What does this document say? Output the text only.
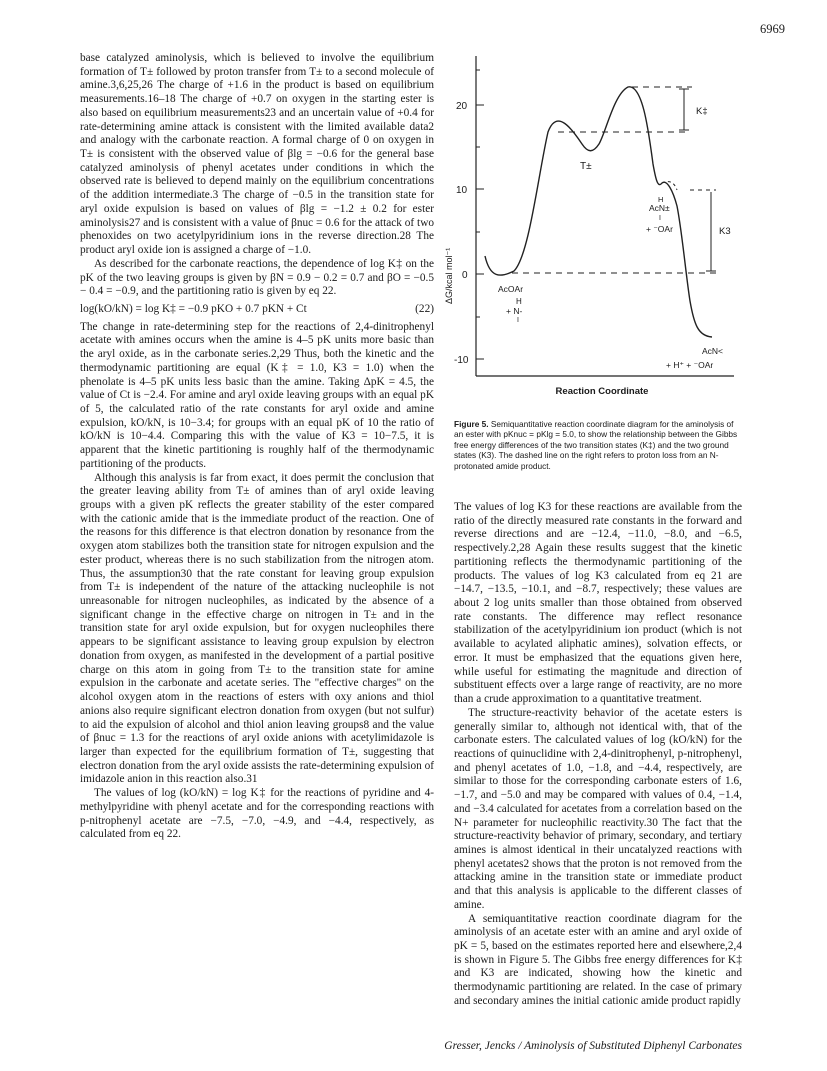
6969

base catalyzed aminolysis, which is believed to involve the equilibrium formation of T± followed by proton transfer from T± to a second molecule of amine.3,6,25,26 The charge of +1.6 in the product is based on equilibrium measurements.16–18 The charge of +0.7 on oxygen in the starting ester is also based on equilibrium measurements23 and an uncertain value of +0.4 for rate-determining amine attack is consistent with the limited available data2 and analogy with the carbonate reaction. A formal charge of 0 on oxygen in T± is consistent with the observed value of βlg = −0.6 for the general base catalyzed aminolysis of phenyl acetates under conditions in which the observed rate is believed to depend mainly on the equilibrium concentrations of the addition intermediate.3 The charge of −0.5 in the transition state for aryl oxide expulsion is based on values of βlg = −1.2 ± 0.2 for ester aminolysis27 and is consistent with a value of βnuc = 0.6 for the attack of two phenoxides on two acetylpyridinium ions in the reverse direction.28 The product aryl oxide ion is assigned a charge of −1.0.

As described for the carbonate reactions, the dependence of log K‡ on the pK of the two leaving groups is given by βN = 0.9 − 0.2 = 0.7 and βO = −0.5 − 0.4 = −0.9, and the partitioning ratio is given by eq 22.

log(kO/kN) = log K‡ = −0.9 pKO + 0.7 pKN + Ct	(22)

The change in rate-determining step for the reactions of 2,4-dinitrophenyl acetate with amines occurs when the amine is 4–5 pK units more basic than the aryl oxide, as in the carbonate series.2,29 Thus, both the kinetic and the thermodynamic partitioning are equal (K‡ = 1.0, K3 = 1.0) when the phenolate is 4–5 pK units less basic than the amine. Taking ΔpK = 4.5, the value of Ct is −2.4. For amine and aryl oxide leaving groups with an equal pK of 5, the calculated ratio of the rate constants for aryl oxide and amine expulsion, kO/kN, is 10−3.4; for groups with an equal pK of 10 the ratio of kO/kN is 10−4.4. Comparing this with the value of K3 = 10−7.5, it is apparent that the kinetic partitioning is roughly half of the thermodynamic partitioning of the products.

Although this analysis is far from exact, it does permit the conclusion that the greater leaving ability from T± of amines than of aryl oxide leaving groups with a given pK reflects the greater stability of the ester compared with the cationic amide that is the immediate product of the reaction. One of the reasons for this difference is that electron donation by resonance from the oxygen atom stabilizes both the transition state for nitrogen expulsion and the ester product, whereas there is no such stabilization from the nitrogen atom. Thus, the assumption30 that the rate constant for leaving group expulsion from T± is independent of the nature of the attacking nucleophile is not unreasonable for nitrogen nucleophiles, as indicated by the absence of a significant change in the effective charge on nitrogen in T± and in the transition state for aryl oxide expulsion, but for oxygen nucleophiles there appears to be significant assistance to leaving group expulsion by electron donation from oxygen, as manifested in the development of a partial positive charge on this atom in going from T± to the transition state for amine expulsion in the carbonate and acetate series. The "effective charges" on the alcohol oxygen atom in the reactions of esters with oxy anions and thiol anions also require significant electron donation from oxygen (but not sulfur) to aid the expulsion of alcohol and thiol anion leaving groups8 and the value of βnuc = 1.3 for the reactions of aryl oxide anions with acetylimidazole is larger than expected for the equilibrium formation of T±, suggesting that electron donation from the aryl oxide assists the rate-determining expulsion of imidazole anion in this reaction also.31

The values of log (kO/kN) = log K‡ for the reactions of pyridine and 4-methylpyridine with phenyl acetate and for the corresponding reactions with p-nitrophenyl acetate are −7.5, −7.0, −4.9, and −4.4, respectively, as calculated from eq 22.

20
10
0
-10
ΔG/kcal mol⁻¹
K‡
K3
T±
AcOAr
H
+ N-
I
H
AcN±
I
+ ⁻OAr
AcN<
+ H⁺ + ⁻OAr
Reaction Coordinate
Figure 5. Semiquantitative reaction coordinate diagram for the aminolysis of an ester with pKnuc = pKlg = 5.0, to show the relationship between the Gibbs free energy differences of the two transition states (K‡) and the two ground states (K3). The dashed line on the right refers to proton loss from an N-protonated amide product.

The values of log K3 for these reactions are available from the ratio of the directly measured rate constants in the forward and reverse directions and are −12.4, −11.0, −8.0, and −6.5, respectively.2,28 Again these results suggest that the kinetic partitioning reflects the thermodynamic partitioning of the products. The values of log K3 calculated from eq 21 are −14.7, −13.5, −10.1, and −8.7, respectively; these values are about 2 log units smaller than those obtained from observed rate constants. The difference may reflect resonance stabilization of the acetylpyridinium ion product (which is not available to acylated aliphatic amines), solvation effects, or error. It must be emphasized that the equations given here, while useful for estimating the magnitude and direction of substituent effects over a large range of reactivity, are no more than a crude approximation to a quantitative treatment.

The structure-reactivity behavior of the acetate esters is generally similar to, although not identical with, that of the carbonate esters. The calculated values of log (kO/kN) for the reactions of quinuclidine with 2,4-dinitrophenyl, p-nitrophenyl, and phenyl acetates of 1.0, −1.8, and −4.4, respectively, are similar to those for the corresponding carbonate esters of 1.6, −1.7, and −5.0 and may be compared with values of 0.4, −1.4, and −3.4 calculated for acetates from a correlation based on the N+ parameter for nucleophilic reactivity.30 The fact that the structure-reactivity behavior of primary, secondary, and tertiary amines is almost identical in their uncatalyzed reactions with phenyl acetates2 shows that the proton is not removed from the attacking amine in the transition state or immediate product and that this analysis is applicable to the different classes of amine.

A semiquantitative reaction coordinate diagram for the aminolysis of an acetate ester with an amine and aryl oxide of pK = 5, based on the estimates reported here and elsewhere,2,4 is shown in Figure 5. The Gibbs free energy differences for K‡ and K3 are indicated, showing how the kinetic and thermodynamic partitioning are related. In the case of primary and secondary amines the initial cationic amide product rapidly

Gresser, Jencks / Aminolysis of Substituted Diphenyl Carbonates
